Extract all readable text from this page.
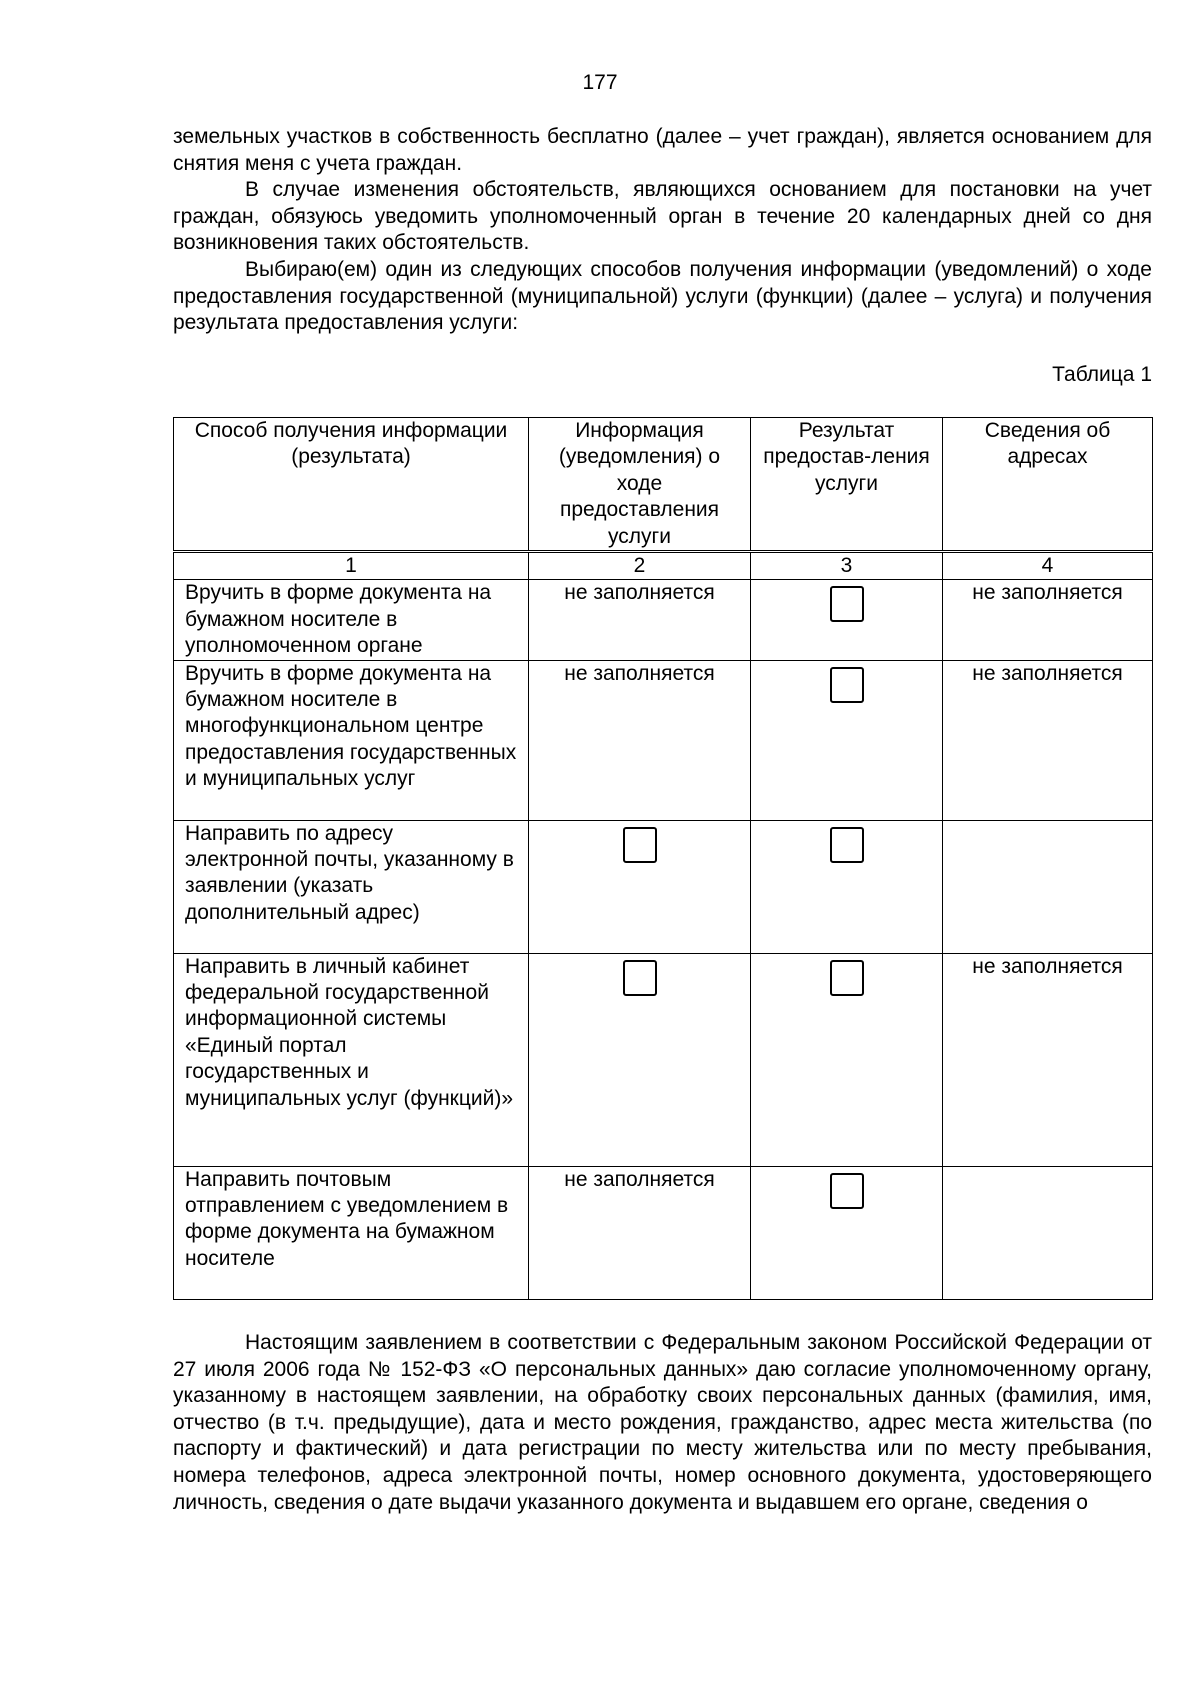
177

земельных участков в собственность бесплатно (далее – учет граждан), является основанием для снятия меня с учета граждан.

В случае изменения обстоятельств, являющихся основанием для постановки на учет граждан, обязуюсь уведомить уполномоченный орган в течение 20 календарных дней со дня возникновения таких обстоятельств.

Выбираю(ем) один из следующих способов получения информации (уведомлений) о ходе предоставления государственной (муниципальной) услуги (функции) (далее – услуга) и получения результата предоставления услуги:

Таблица 1

Способ получения информации (результата)	Информация (уведомления) о ходе предоставления услуги	Результат предостав-ления услуги	Сведения об адресах
1	2	3	4
Вручить в форме документа на бумажном носителе в уполномоченном органе	не заполняется		не заполняется
Вручить в форме документа на бумажном носителе в многофункциональном центре предоставления государственных и муниципальных услуг	не заполняется		не заполняется
Направить по адресу электронной почты, указанному в заявлении (указать дополнительный адрес)			
Направить в личный кабинет федеральной государственной информационной системы «Единый портал государственных и муниципальных услуг (функций)»			не заполняется
Направить почтовым отправлением с уведомлением в форме документа на бумажном носителе	не заполняется		

Настоящим заявлением в соответствии с Федеральным законом Российской Федерации от 27 июля 2006 года № 152-ФЗ «О персональных данных» даю согласие уполномоченному органу, указанному в настоящем заявлении, на обработку своих персональных данных (фамилия, имя, отчество (в т.ч. предыдущие), дата и место рождения, гражданство, адрес места жительства (по паспорту и фактический) и дата регистрации по месту жительства или по месту пребывания, номера телефонов, адреса электронной почты, номер основного документа, удостоверяющего личность, сведения о дате выдачи указанного документа и выдавшем его органе, сведения о
